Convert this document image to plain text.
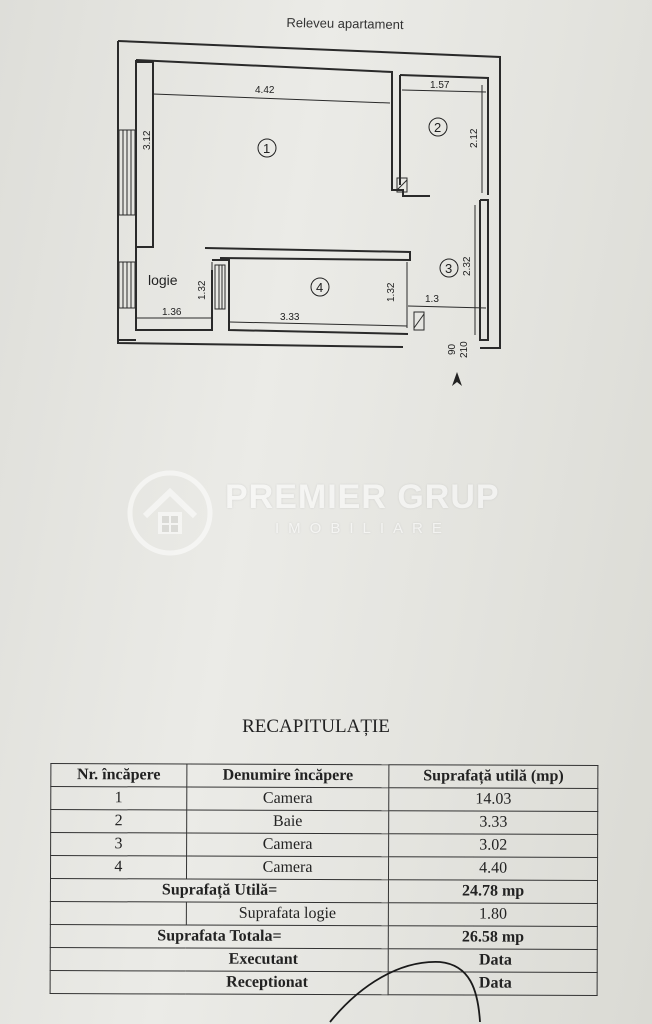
Releveu apartament
4.42	1.57
3.12	2.12
2.32
1.3
3.33
1.32
1.36
1.32
90 210
logie
1
2
3
4
PREMIER GRUP
IMOBILIARE
RECAPITULAȚIE
Nr. încăpere	Denumire încăpere	Suprafață utilă (mp)
1	Camera	14.03
2	Baie	3.33
3	Camera	3.02
4	Camera	4.40
Suprafață Utilă=		24.78 mp
	Suprafata logie	1.80
Suprafata Totala=		26.58 mp
Executant		Data
Receptionat		Data
